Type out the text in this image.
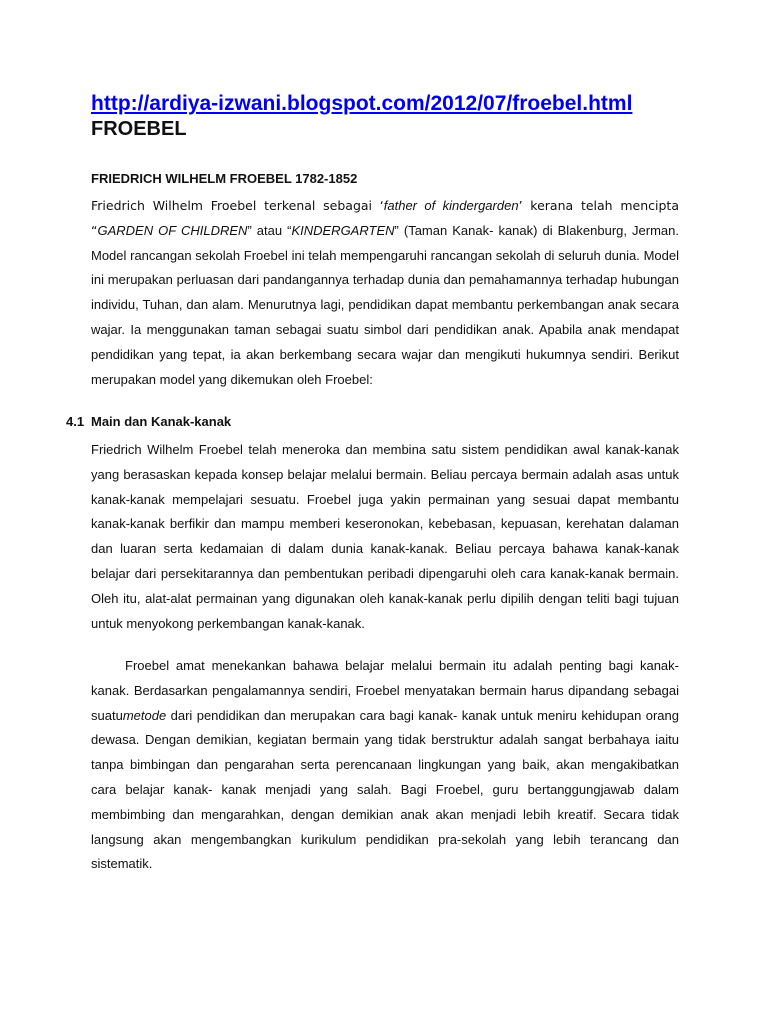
http://ardiya-izwani.blogspot.com/2012/07/froebel.html
FROEBEL
FRIEDRICH WILHELM FROEBEL 1782-1852

Friedrich Wilhelm Froebel terkenal sebagai ‘father of kindergarden’ kerana telah mencipta “GARDEN OF CHILDREN” atau “KINDERGARTEN” (Taman Kanak- kanak) di Blakenburg, Jerman. Model rancangan sekolah Froebel ini telah mempengaruhi rancangan sekolah di seluruh dunia. Model ini merupakan perluasan dari pandangannya terhadap dunia dan pemahamannya terhadap hubungan individu, Tuhan, dan alam. Menurutnya lagi, pendidikan dapat membantu perkembangan anak secara wajar. Ia menggunakan taman sebagai suatu simbol dari pendidikan anak. Apabila anak mendapat pendidikan yang tepat, ia akan berkembang secara wajar dan mengikuti hukumnya sendiri. Berikut merupakan model yang dikemukan oleh Froebel:

4.1 Main dan Kanak-kanak

Friedrich Wilhelm Froebel telah meneroka dan membina satu sistem pendidikan awal kanak-kanak yang berasaskan kepada konsep belajar melalui bermain. Beliau percaya bermain adalah asas untuk kanak-kanak mempelajari sesuatu. Froebel juga yakin permainan yang sesuai dapat membantu kanak-kanak berfikir dan mampu memberi keseronokan, kebebasan, kepuasan, kerehatan dalaman dan luaran serta kedamaian di dalam dunia kanak-kanak. Beliau percaya bahawa kanak-kanak belajar dari persekitarannya dan pembentukan peribadi dipengaruhi oleh cara kanak-kanak bermain. Oleh itu, alat-alat permainan yang digunakan oleh kanak-kanak perlu dipilih dengan teliti bagi tujuan untuk menyokong perkembangan kanak-kanak.

Froebel amat menekankan bahawa belajar melalui bermain itu adalah penting bagi kanak-kanak. Berdasarkan pengalamannya sendiri, Froebel menyatakan bermain harus dipandang sebagai suatumetode dari pendidikan dan merupakan cara bagi kanak- kanak untuk meniru kehidupan orang dewasa. Dengan demikian, kegiatan bermain yang tidak berstruktur adalah sangat berbahaya iaitu tanpa bimbingan dan pengarahan serta perencanaan lingkungan yang baik, akan mengakibatkan cara belajar kanak- kanak menjadi yang salah. Bagi Froebel, guru bertanggungjawab dalam membimbing dan mengarahkan, dengan demikian anak akan menjadi lebih kreatif. Secara tidak langsung akan mengembangkan kurikulum pendidikan pra-sekolah yang lebih terancang dan sistematik.
